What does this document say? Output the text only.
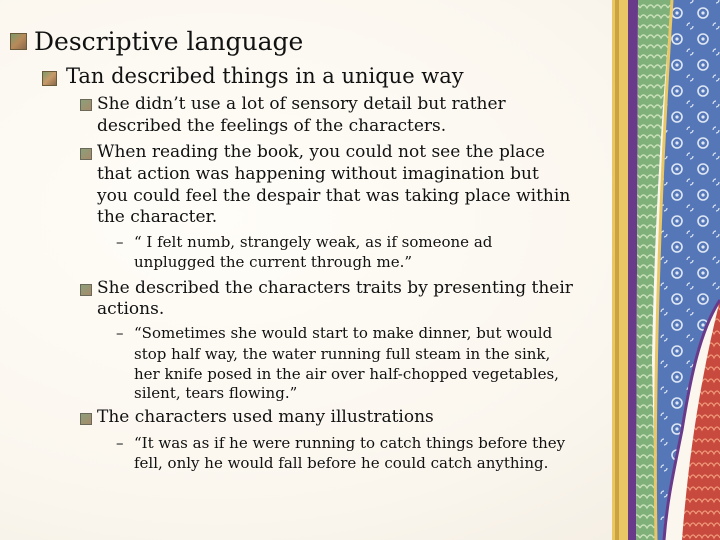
Descriptive language
Tan described things in a unique way
She didn’t use a lot of sensory detail but rather
described the feelings of the characters.
When reading the book, you could not see the place
that action was happening without imagination but
you could feel the despair that was taking place within
the character.
– “ I felt numb, strangely weak, as if someone ad
unplugged the current through me.”
She described the characters traits by presenting their
actions.
– “Sometimes she would start to make dinner, but would
stop half way, the water running full steam in the sink,
her knife posed in the air over half-chopped vegetables,
silent, tears flowing.”
The characters used many illustrations
– “It was as if he were running to catch things before they
fell, only he would fall before he could catch anything.
